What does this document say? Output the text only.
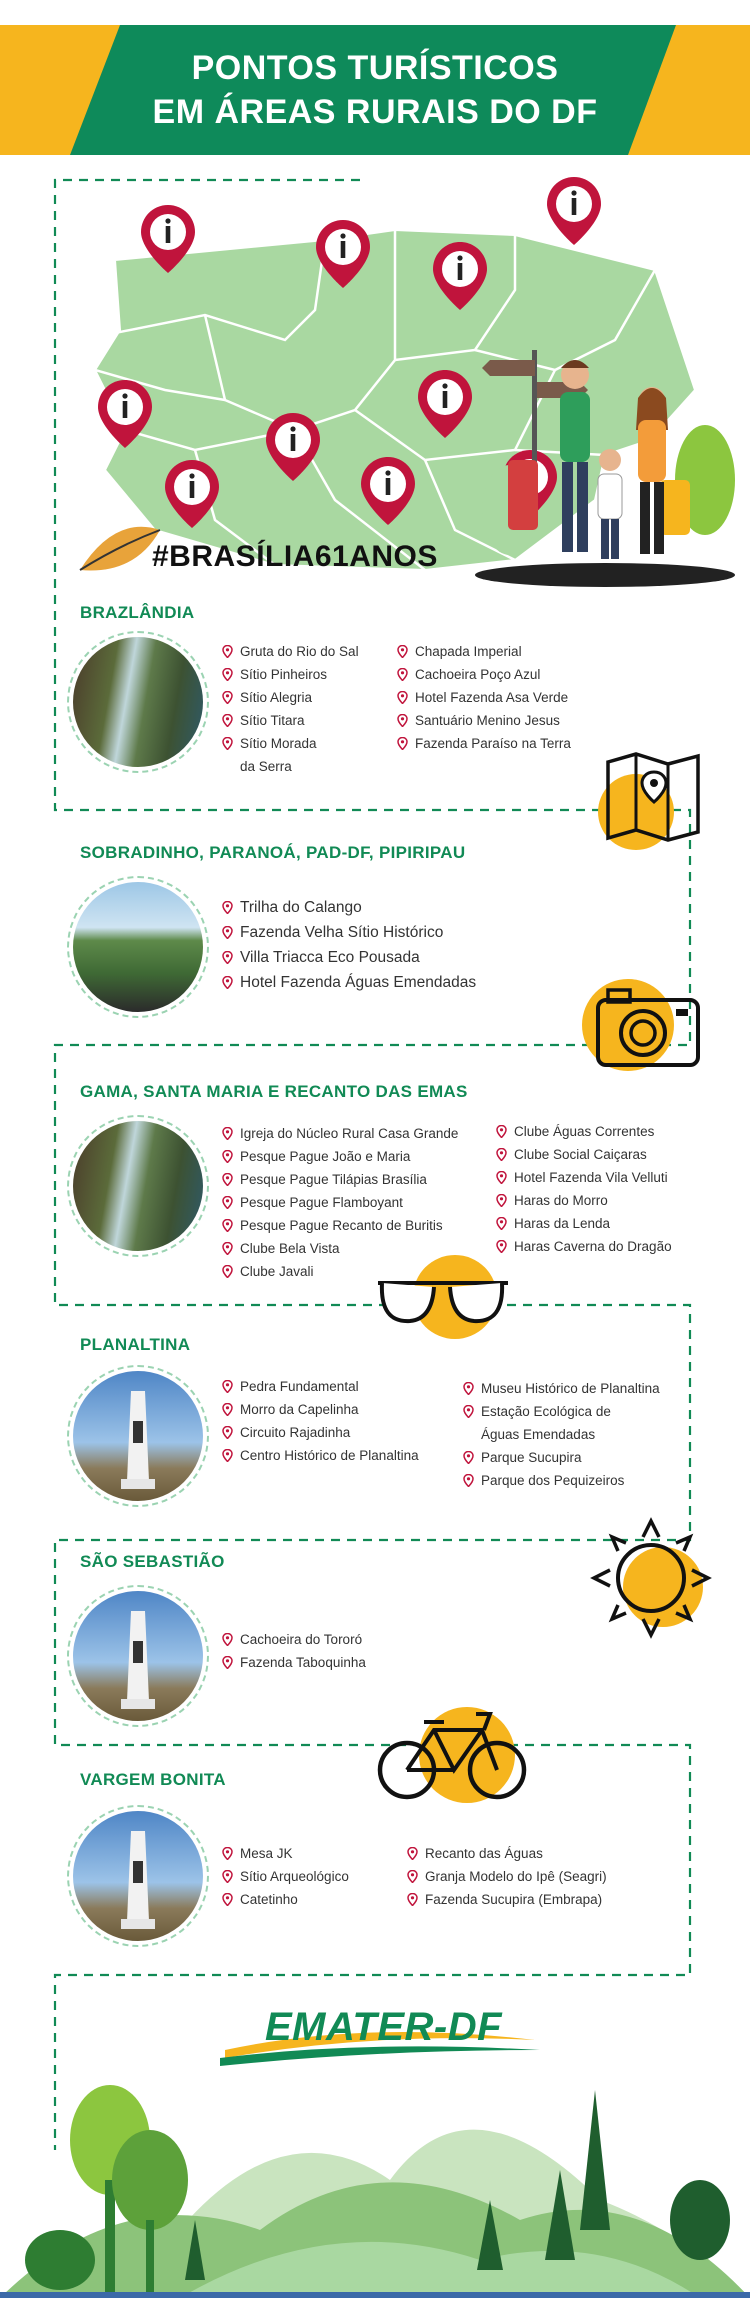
PONTOS TURÍSTICOS
EM ÁREAS RURAIS DO DF
#BRASÍLIA61ANOS
BRAZLÂNDIA
Gruta do Rio do Sal
Sítio Pinheiros
Sítio Alegria
Sítio Titara
Sítio Morada
da Serra
Chapada Imperial
Cachoeira Poço Azul
Hotel Fazenda Asa Verde
Santuário Menino Jesus
Fazenda Paraíso na Terra
SOBRADINHO, PARANOÁ, PAD-DF, PIPIRIPAU
Trilha do Calango
Fazenda Velha Sítio Histórico
Villa Triacca Eco Pousada
Hotel Fazenda Águas Emendadas
GAMA, SANTA MARIA E RECANTO DAS EMAS
Igreja do Núcleo Rural Casa Grande
Pesque Pague João e Maria
Pesque Pague Tilápias Brasília
Pesque Pague Flamboyant
Pesque Pague Recanto de Buritis
Clube Bela Vista
Clube Javali
Clube Águas Correntes
Clube Social Caiçaras
Hotel Fazenda Vila Velluti
Haras do Morro
Haras da Lenda
Haras Caverna do Dragão
PLANALTINA
Pedra Fundamental
Morro da Capelinha
Circuito Rajadinha
Centro Histórico de Planaltina
Museu Histórico de Planaltina
Estação Ecológica de
Águas Emendadas
Parque Sucupira
Parque dos Pequizeiros
SÃO SEBASTIÃO
Cachoeira do Tororó
Fazenda Taboquinha
VARGEM BONITA
Mesa JK
Sítio Arqueológico
Catetinho
Recanto das Águas
Granja Modelo do Ipê (Seagri)
Fazenda Sucupira (Embrapa)
EMATER-DF
